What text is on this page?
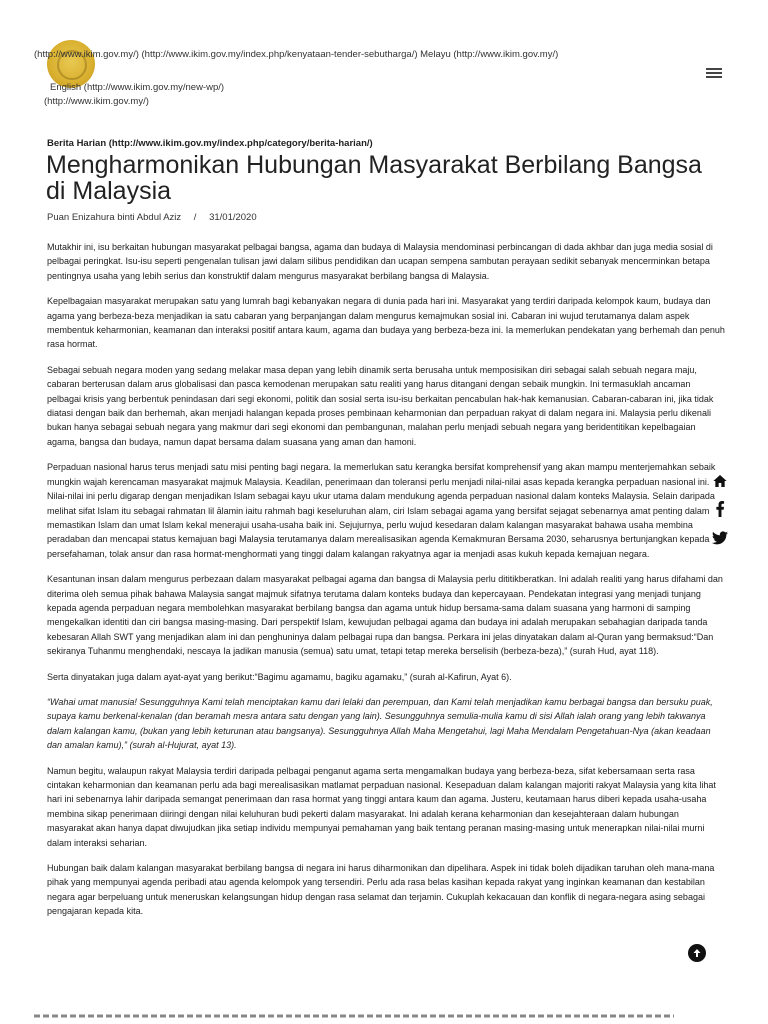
(http://www.ikim.gov.my/) (http://www.ikim.gov.my/index.php/kenyataan-tender-sebutharga/) Melayu (http://www.ikim.gov.my/)
English (http://www.ikim.gov.my/new-wp/)
(http://www.ikim.gov.my/)
Berita Harian (http://www.ikim.gov.my/index.php/category/berita-harian/)
Mengharmonikan Hubungan Masyarakat Berbilang Bangsa di Malaysia
Puan Enizahura binti Abdul Aziz / 31/01/2020

Mutakhir ini, isu berkaitan hubungan masyarakat pelbagai bangsa, agama dan budaya di Malaysia mendominasi perbincangan di dada akhbar dan juga media sosial di pelbagai peringkat. Isu-isu seperti pengenalan tulisan jawi dalam silibus pendidikan dan ucapan sempena sambutan perayaan sedikit sebanyak mencerminkan betapa pentingnya usaha yang lebih serius dan konstruktif dalam mengurus masyarakat berbilang bangsa di Malaysia.

Kepelbagaian masyarakat merupakan satu yang lumrah bagi kebanyakan negara di dunia pada hari ini. Masyarakat yang terdiri daripada kelompok kaum, budaya dan agama yang berbeza-beza menjadikan ia satu cabaran yang berpanjangan dalam mengurus kemajmukan sosial ini. Cabaran ini wujud terutamanya dalam aspek membentuk keharmonian, keamanan dan interaksi positif antara kaum, agama dan budaya yang berbeza-beza ini. Ia memerlukan pendekatan yang berhemah dan penuh rasa hormat.

Sebagai sebuah negara moden yang sedang melakar masa depan yang lebih dinamik serta berusaha untuk memposisikan diri sebagai salah sebuah negara maju, cabaran berterusan dalam arus globalisasi dan pasca kemodenan merupakan satu realiti yang harus ditangani dengan sebaik mungkin. Ini termasuklah ancaman pelbagai krisis yang berbentuk penindasan dari segi ekonomi, politik dan sosial serta isu-isu berkaitan pencabulan hak-hak kemanusian. Cabaran-cabaran ini, jika tidak diatasi dengan baik dan berhemah, akan menjadi halangan kepada proses pembinaan keharmonian dan perpaduan rakyat di dalam negara ini. Malaysia perlu dikenali bukan hanya sebagai sebuah negara yang makmur dari segi ekonomi dan pembangunan, malahan perlu menjadi sebuah negara yang beridentitikan kepelbagaian agama, bangsa dan budaya, namun dapat bersama dalam suasana yang aman dan hamoni.

Perpaduan nasional harus terus menjadi satu misi penting bagi negara. Ia memerlukan satu kerangka bersifat komprehensif yang akan mampu menterjemahkan sebaik mungkin wajah kerencaman masyarakat majmuk Malaysia. Keadilan, penerimaan dan toleransi perlu menjadi nilai-nilai asas kepada kerangka perpaduan nasional ini. Nilai-nilai ini perlu digarap dengan menjadikan Islam sebagai kayu ukur utama dalam mendukung agenda perpaduan nasional dalam konteks Malaysia. Selain daripada melihat sifat Islam itu sebagai rahmatan lil ālamin iaitu rahmah bagi keseluruhan alam, ciri Islam sebagai agama yang bersifat sejagat sebenarnya amat penting dalam memastikan Islam dan umat Islam kekal menerajui usaha-usaha baik ini. Sejujurnya, perlu wujud kesedaran dalam kalangan masyarakat bahawa usaha membina peradaban dan mencapai status kemajuan bagi Malaysia terutamanya dalam merealisasikan agenda Kemakmuran Bersama 2030, seharusnya bertunjangkan kepada persefahaman, tolak ansur dan rasa hormat-menghormati yang tinggi dalam kalangan rakyatnya agar ia menjadi asas kukuh kepada kemajuan negara.

Kesantunan insan dalam mengurus perbezaan dalam masyarakat pelbagai agama dan bangsa di Malaysia perlu dititikberatkan. Ini adalah realiti yang harus difahami dan diterima oleh semua pihak bahawa Malaysia sangat majmuk sifatnya terutama dalam konteks budaya dan kepercayaan. Pendekatan integrasi yang menjadi tunjang kepada agenda perpaduan negara membolehkan masyarakat berbilang bangsa dan agama untuk hidup bersama-sama dalam suasana yang harmoni di samping mengekalkan identiti dan ciri bangsa masing-masing. Dari perspektif Islam, kewujudan pelbagai agama dan budaya ini adalah merupakan sebahagian daripada tanda kebesaran Allah SWT yang menjadikan alam ini dan penghuninya dalam pelbagai rupa dan bangsa. Perkara ini jelas dinyatakan dalam al-Quran yang bermaksud:“Dan sekiranya Tuhanmu menghendaki, nescaya Ia jadikan manusia (semua) satu umat, tetapi tetap mereka berselisih (berbeza-beza),” (surah Hud, ayat 118).

Serta dinyatakan juga dalam ayat-ayat yang berikut:“Bagimu agamamu, bagiku agamaku,” (surah al-Kafirun, Ayat 6).

“Wahai umat manusia! Sesungguhnya Kami telah menciptakan kamu dari lelaki dan perempuan, dan Kami telah menjadikan kamu berbagai bangsa dan bersuku puak, supaya kamu berkenal-kenalan (dan beramah mesra antara satu dengan yang lain). Sesungguhnya semulia-mulia kamu di sisi Allah ialah orang yang lebih takwanya dalam kalangan kamu, (bukan yang lebih keturunan atau bangsanya). Sesungguhnya Allah Maha Mengetahui, lagi Maha Mendalam Pengetahuan-Nya (akan keadaan dan amalan kamu),” (surah al-Hujurat, ayat 13).

Namun begitu, walaupun rakyat Malaysia terdiri daripada pelbagai penganut agama serta mengamalkan budaya yang berbeza-beza, sifat kebersamaan serta rasa cintakan keharmonian dan keamanan perlu ada bagi merealisasikan matlamat perpaduan nasional. Kesepaduan dalam kalangan majoriti rakyat Malaysia yang kita lihat hari ini sebenarnya lahir daripada semangat penerimaan dan rasa hormat yang tinggi antara kaum dan agama. Justeru, keutamaan harus diberi kepada usaha-usaha membina sikap penerimaan diiringi dengan nilai keluhuran budi pekerti dalam masyarakat. Ini adalah kerana keharmonian dan kesejahteraan dalam hubungan masyarakat akan hanya dapat diwujudkan jika setiap individu mempunyai pemahaman yang baik tentang peranan masing-masing untuk menerapkan nilai-nilai murni dalam interaksi seharian.

Hubungan baik dalam kalangan masyarakat berbilang bangsa di negara ini harus diharmonikan dan dipelihara. Aspek ini tidak boleh dijadikan taruhan oleh mana-mana pihak yang mempunyai agenda peribadi atau agenda kelompok yang tersendiri. Perlu ada rasa belas kasihan kepada rakyat yang inginkan keamanan dan kestabilan negara agar berpeluang untuk meneruskan kelangsungan hidup dengan rasa selamat dan terjamin. Cukuplah kekacauan dan konflik di negara-negara asing sebagai pengajaran kepada kita.
